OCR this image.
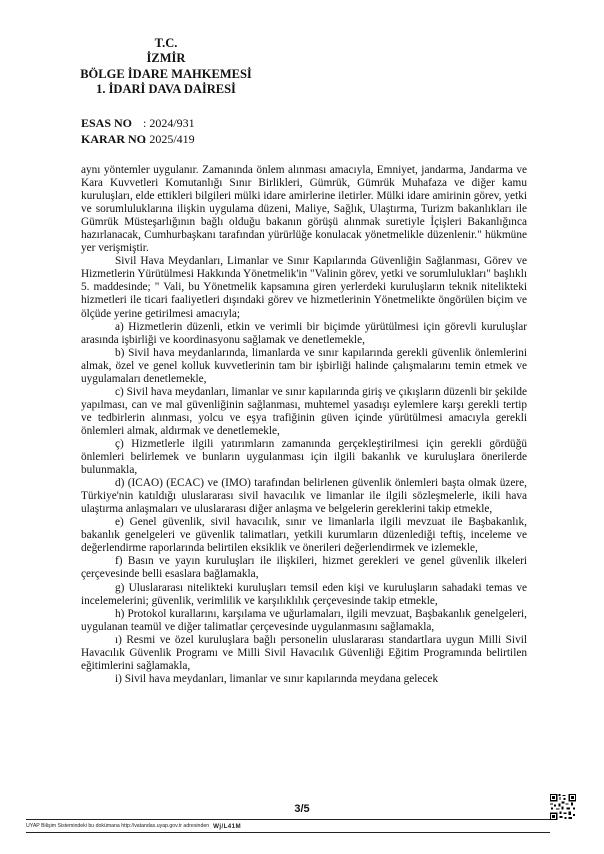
T.C.
İZMİR
BÖLGE İDARE MAHKEMESİ
1. İDARİ DAVA DAİRESİ
ESAS NO : 2024/931
KARAR NO: 2025/419

aynı yöntemler uygulanır. Zamanında önlem alınması amacıyla, Emniyet, jandarma, Jandarma ve Kara Kuvvetleri Komutanlığı Sınır Birlikleri, Gümrük, Gümrük Muhafaza ve diğer kamu kuruluşları, elde ettikleri bilgileri mülki idare amirlerine iletirler. Mülki idare amirinin görev, yetki ve sorumluluklarına ilişkin uygulama düzeni, Maliye, Sağlık, Ulaştırma, Turizm bakanlıkları ile Gümrük Müsteşarlığının bağlı olduğu bakanın görüşü alınmak suretiyle İçişleri Bakanlığınca hazırlanacak, Cumhurbaşkanı tarafından yürürlüğe konulacak yönetmelikle düzenlenir." hükmüne yer verişmiştir.

Sivil Hava Meydanları, Limanlar ve Sınır Kapılarında Güvenliğin Sağlanması, Görev ve Hizmetlerin Yürütülmesi Hakkında Yönetmelik'in "Valinin görev, yetki ve sorumlulukları" başlıklı 5. maddesinde; " Vali, bu Yönetmelik kapsamına giren yerlerdeki kuruluşların teknik nitelikteki hizmetleri ile ticari faaliyetleri dışındaki görev ve hizmetlerinin Yönetmelikte öngörülen biçim ve ölçüde yerine getirilmesi amacıyla;

a) Hizmetlerin düzenli, etkin ve verimli bir biçimde yürütülmesi için görevli kuruluşlar arasında işbirliği ve koordinasyonu sağlamak ve denetlemekle,

b) Sivil hava meydanlarında, limanlarda ve sınır kapılarında gerekli güvenlik önlemlerini almak, özel ve genel kolluk kuvvetlerinin tam bir işbirliği halinde çalışmalarını temin etmek ve uygulamaları denetlemekle,

c) Sivil hava meydanları, limanlar ve sınır kapılarında giriş ve çıkışların düzenli bir şekilde yapılması, can ve mal güvenliğinin sağlanması, muhtemel yasadışı eylemlere karşı gerekli tertip ve tedbirlerin alınması, yolcu ve eşya trafiğinin güven içinde yürütülmesi amacıyla gerekli önlemleri almak, aldırmak ve denetlemekle,

ç) Hizmetlerle ilgili yatırımların zamanında gerçekleştirilmesi için gerekli gördüğü önlemleri belirlemek ve bunların uygulanması için ilgili bakanlık ve kuruluşlara önerilerde bulunmakla,

d) (ICAO) (ECAC) ve (IMO) tarafından belirlenen güvenlik önlemleri başta olmak üzere, Türkiye'nin katıldığı uluslararası sivil havacılık ve limanlar ile ilgili sözleşmelerle, ikili hava ulaştırma anlaşmaları ve uluslararası diğer anlaşma ve belgelerin gereklerini takip etmekle,

e) Genel güvenlik, sivil havacılık, sınır ve limanlarla ilgili mevzuat ile Başbakanlık, bakanlık genelgeleri ve güvenlik talimatları, yetkili kurumların düzenlediği teftiş, inceleme ve değerlendirme raporlarında belirtilen eksiklik ve önerileri değerlendirmek ve izlemekle,

f) Basın ve yayın kuruluşları ile ilişkileri, hizmet gerekleri ve genel güvenlik ilkeleri çerçevesinde belli esaslara bağlamakla,

g) Uluslararası nitelikteki kuruluşları temsil eden kişi ve kuruluşların sahadaki temas ve incelemelerini; güvenlik, verimlilik ve karşılıklılık çerçevesinde takip etmekle,

h) Protokol kurallarını, karşılama ve uğurlamaları, ilgili mevzuat, Başbakanlık genelgeleri, uygulanan teamül ve diğer talimatlar çerçevesinde uygulanmasını sağlamakla,

ı) Resmi ve özel kuruluşlara bağlı personelin uluslararası standartlara uygun Milli Sivil Havacılık Güvenlik Programı ve Milli Sivil Havacılık Güvenliği Eğitim Programında belirtilen eğitimlerini sağlamakla,

i) Sivil hava meydanları, limanlar ve sınır kapılarında meydana gelecek

3/5
UYAP Bilişim Sistemindeki bu dokümana http://vatandas.uyap.gov.tr adresinden Wj/L41M
